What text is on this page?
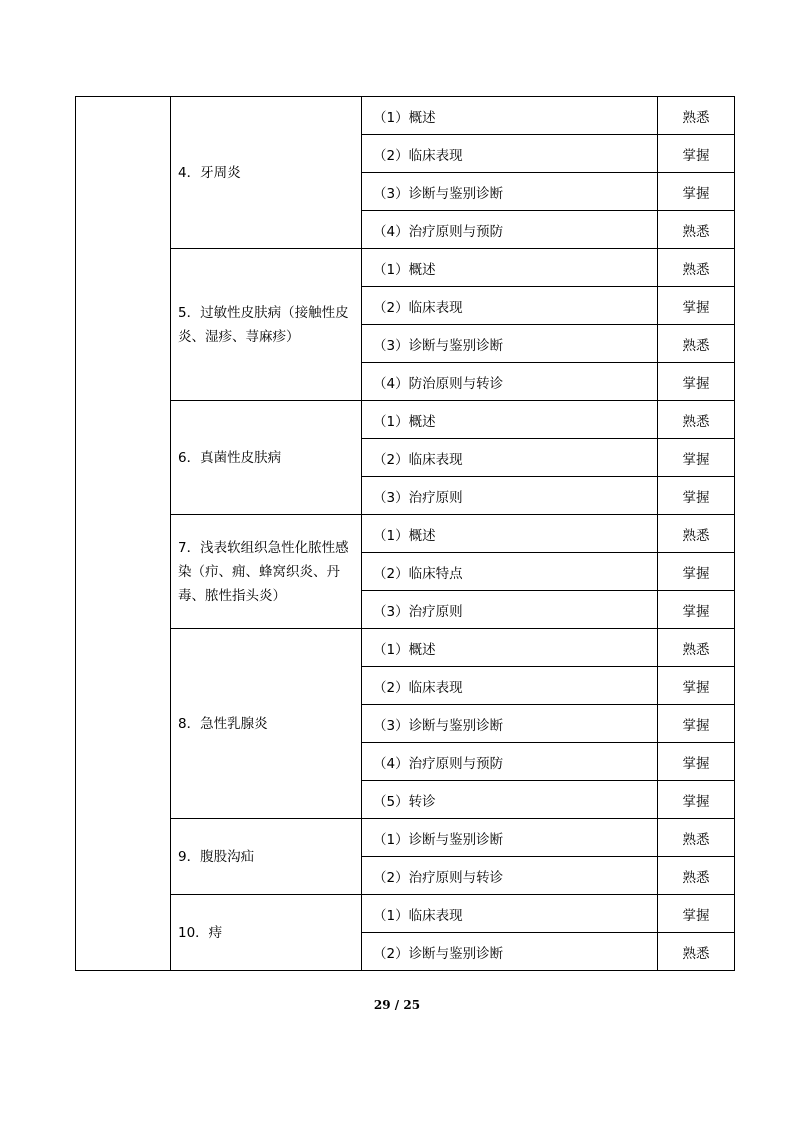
	4．牙周炎	（1）概述	熟悉
		（2）临床表现	掌握
		（3）诊断与鉴别诊断	掌握
		（4）治疗原则与预防	熟悉
	5．过敏性皮肤病（接触性皮炎、湿疹、荨麻疹）	（1）概述	熟悉
		（2）临床表现	掌握
		（3）诊断与鉴别诊断	熟悉
		（4）防治原则与转诊	掌握
	6．真菌性皮肤病	（1）概述	熟悉
		（2）临床表现	掌握
		（3）治疗原则	掌握
	7．浅表软组织急性化脓性感染（疖、痈、蜂窝织炎、丹毒、脓性指头炎）	（1）概述	熟悉
		（2）临床特点	掌握
		（3）治疗原则	掌握
	8．急性乳腺炎	（1）概述	熟悉
		（2）临床表现	掌握
		（3）诊断与鉴别诊断	掌握
		（4）治疗原则与预防	掌握
		（5）转诊	掌握
	9．腹股沟疝	（1）诊断与鉴别诊断	熟悉
		（2）治疗原则与转诊	熟悉
	10．痔	（1）临床表现	掌握
		（2）诊断与鉴别诊断	熟悉
29 / 25
